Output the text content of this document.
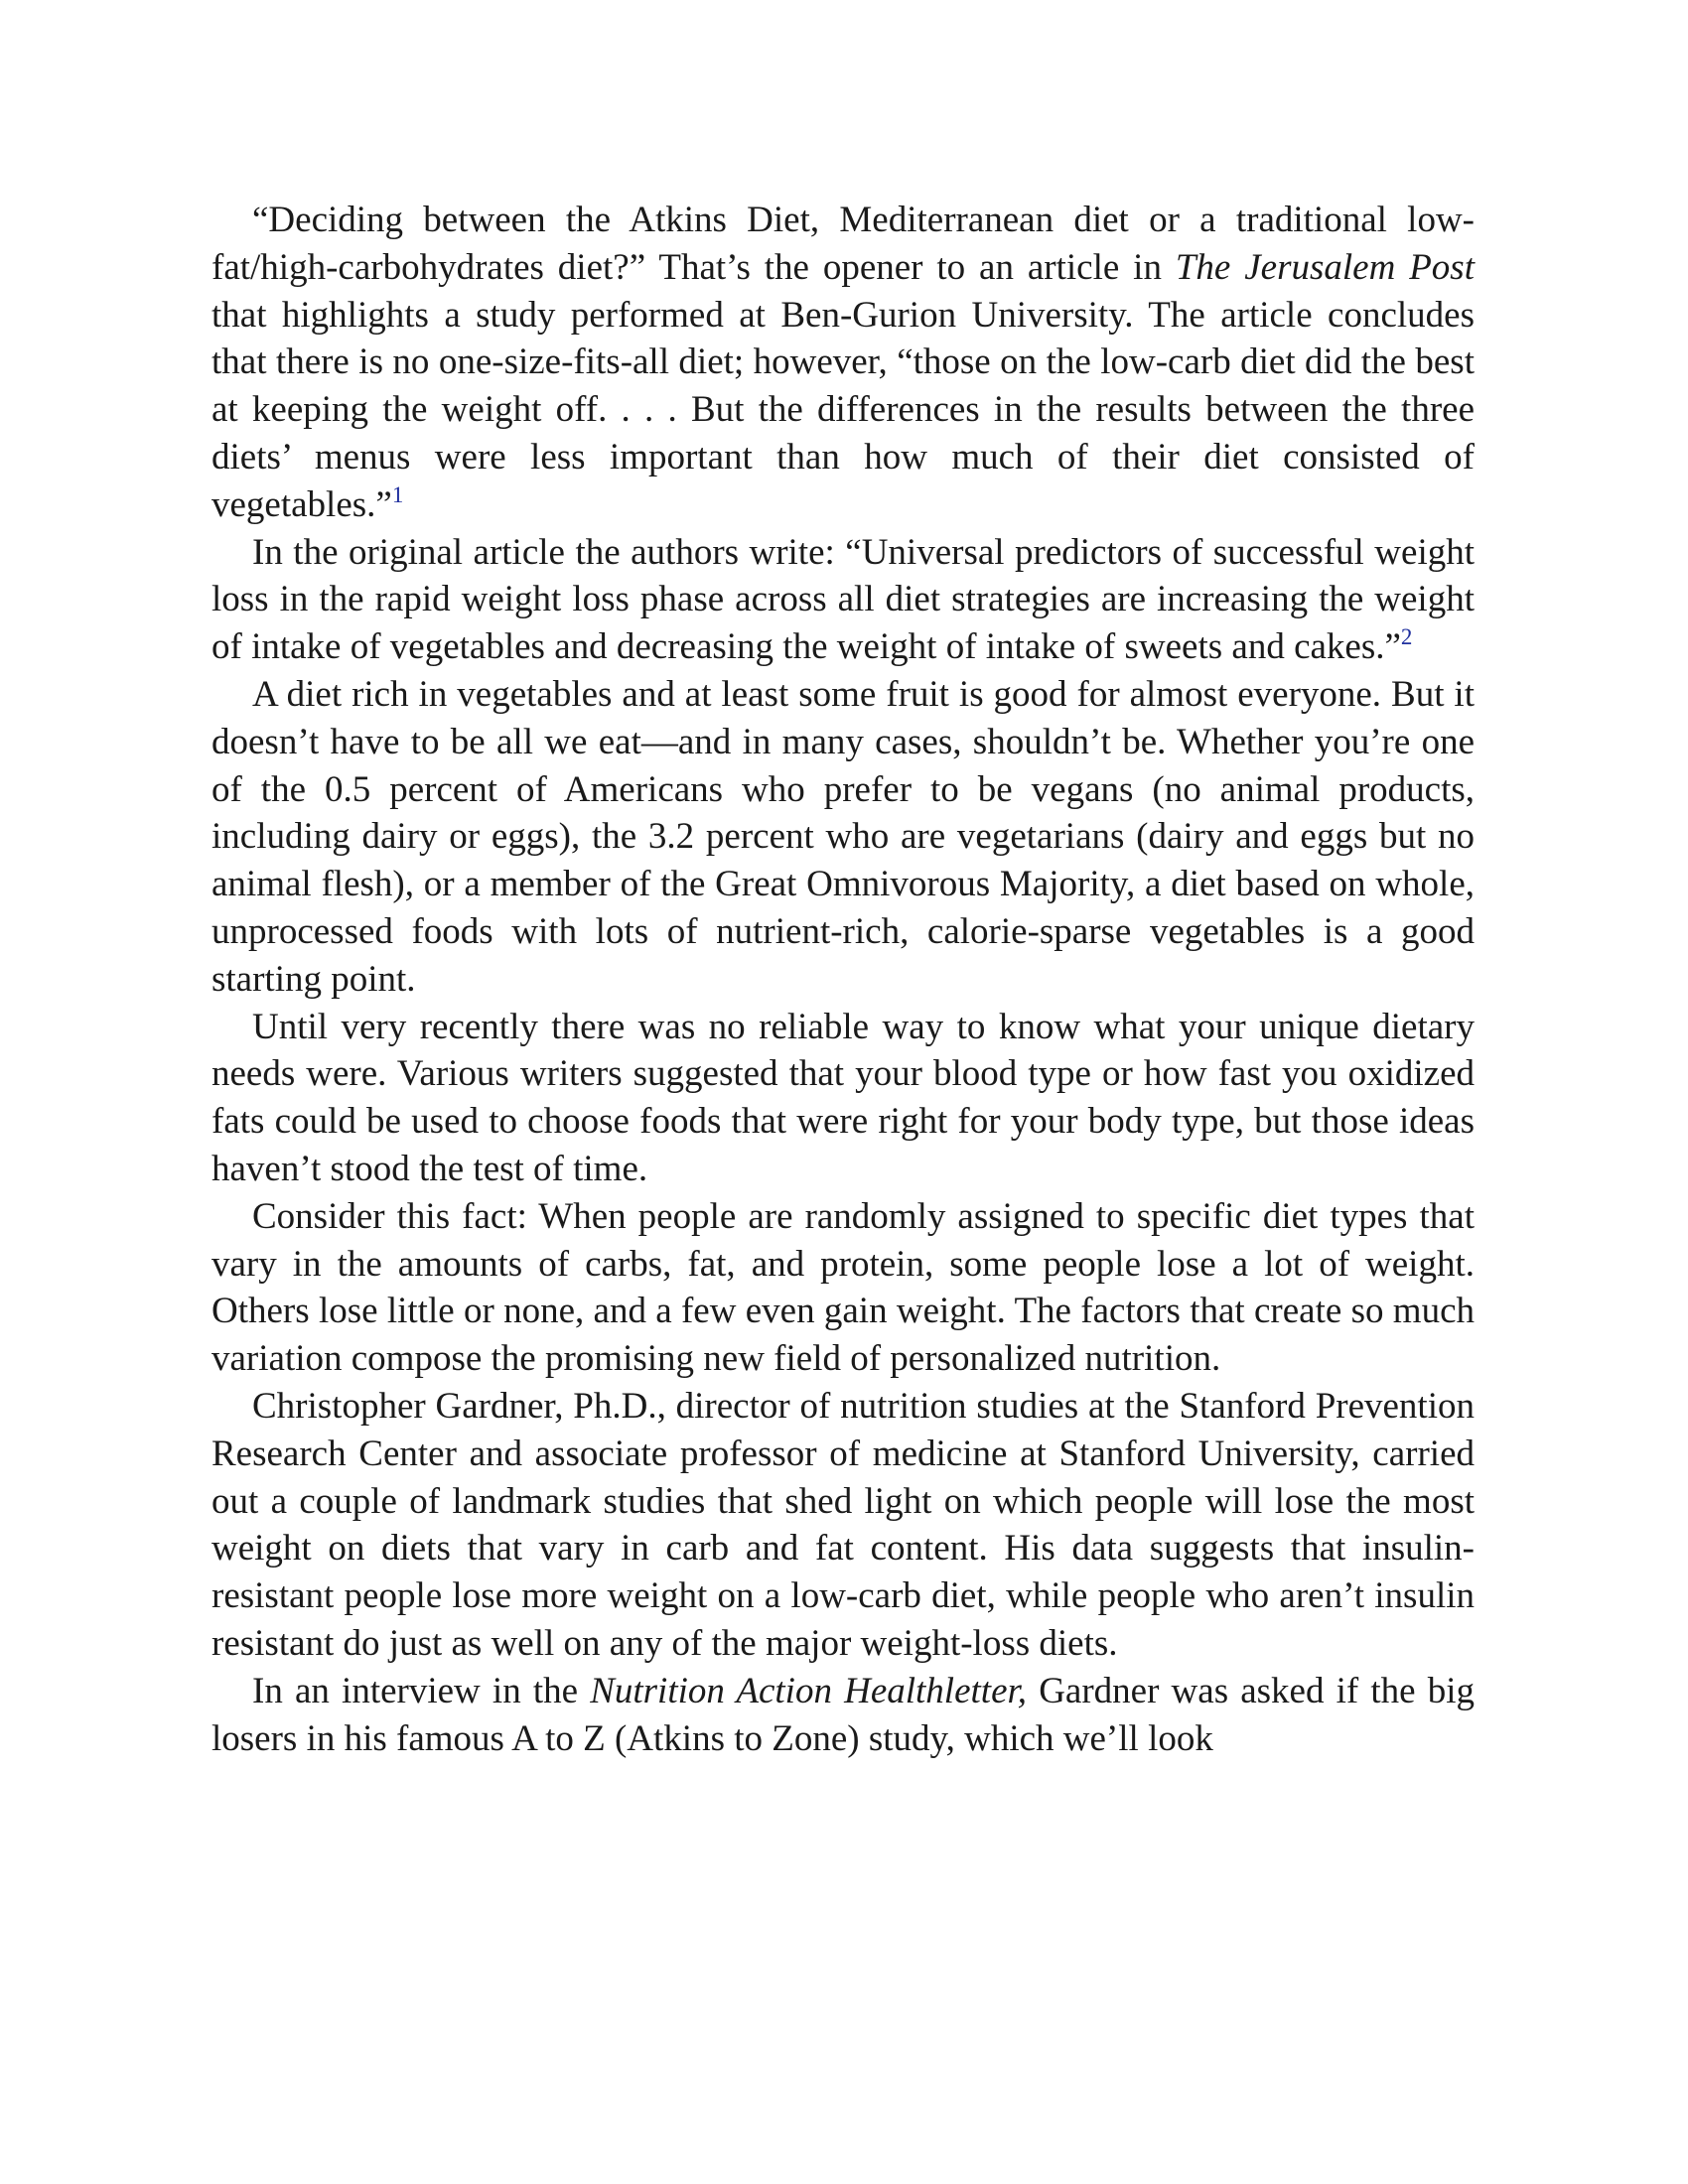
“Deciding between the Atkins Diet, Mediterranean diet or a traditional low-fat/high-carbohydrates diet?” That’s the opener to an article in The Jerusalem Post that highlights a study performed at Ben-Gurion University. The article concludes that there is no one-size-fits-all diet; however, “those on the low-carb diet did the best at keeping the weight off. . . . But the differences in the results between the three diets’ menus were less important than how much of their diet consisted of vegetables.”$^1$

In the original article the authors write: “Universal predictors of successful weight loss in the rapid weight loss phase across all diet strategies are increasing the weight of intake of vegetables and decreasing the weight of intake of sweets and cakes.”$^2$

A diet rich in vegetables and at least some fruit is good for almost everyone. But it doesn’t have to be all we eat—and in many cases, shouldn’t be. Whether you’re one of the 0.5 percent of Americans who prefer to be vegans (no animal products, including dairy or eggs), the 3.2 percent who are vegetarians (dairy and eggs but no animal flesh), or a member of the Great Omnivorous Majority, a diet based on whole, unprocessed foods with lots of nutrient-rich, calorie-sparse vegetables is a good starting point.

Until very recently there was no reliable way to know what your unique dietary needs were. Various writers suggested that your blood type or how fast you oxidized fats could be used to choose foods that were right for your body type, but those ideas haven’t stood the test of time.

Consider this fact: When people are randomly assigned to specific diet types that vary in the amounts of carbs, fat, and protein, some people lose a lot of weight. Others lose little or none, and a few even gain weight. The factors that create so much variation compose the promising new field of personalized nutrition.

Christopher Gardner, Ph.D., director of nutrition studies at the Stanford Prevention Research Center and associate professor of medicine at Stanford University, carried out a couple of landmark studies that shed light on which people will lose the most weight on diets that vary in carb and fat content. His data suggests that insulin-resistant people lose more weight on a low-carb diet, while people who aren’t insulin resistant do just as well on any of the major weight-loss diets.

In an interview in the Nutrition Action Healthletter, Gardner was asked if the big losers in his famous A to Z (Atkins to Zone) study, which we’ll look
